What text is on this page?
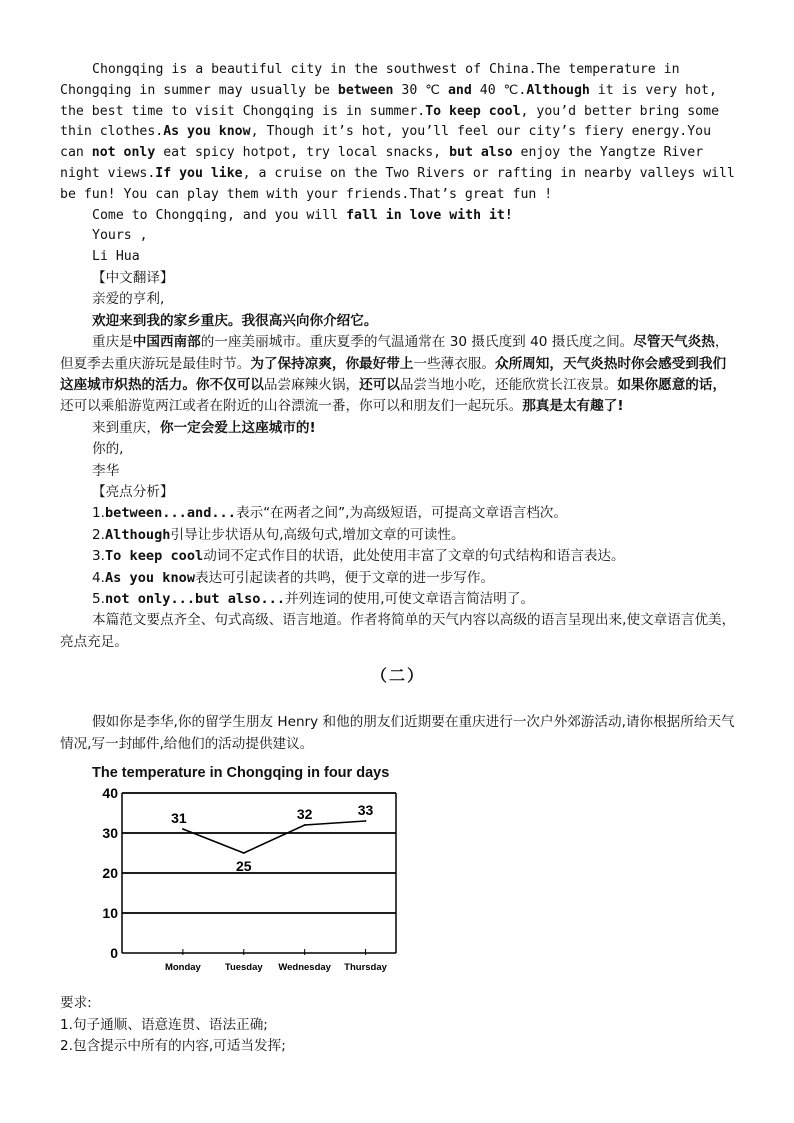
Chongqing is a beautiful city in the southwest of China.The temperature in Chongqing in summer may usually be between 30 ℃ and 40 ℃.Although it is very hot, the best time to visit Chongqing is in summer.To keep cool, you’d better bring some thin clothes.As you know, Though it’s hot, you’ll feel our city’s fiery energy.You can not only eat spicy hotpot, try local snacks, but also enjoy the Yangtze River night views.If you like, a cruise on the Two Rivers or rafting in nearby valleys will be fun! You can play them with your friends.That’s great fun !

Come to Chongqing, and you will fall in love with it!

Yours ,

Li Hua

【中文翻译】

亲爱的亨利,

欢迎来到我的家乡重庆。我很高兴向你介绍它。

重庆是中国西南部的一座美丽城市。重庆夏季的气温通常在 30 摄氏度到 40 摄氏度之间。尽管天气炎热，但夏季去重庆游玩是最佳时节。为了保持凉爽，你最好带上一些薄衣服。众所周知，天气炎热时你会感受到我们这座城市炽热的活力。你不仅可以品尝麻辣火锅，还可以品尝当地小吃，还能欣赏长江夜景。如果你愿意的话，还可以乘船游览两江或者在附近的山谷漂流一番，你可以和朋友们一起玩乐。那真是太有趣了!

来到重庆，你一定会爱上这座城市的!

你的,

李华

【亮点分析】

1.between...and...表示“在两者之间”,为高级短语，可提高文章语言档次。

2.Although引导让步状语从句,高级句式,增加文章的可读性。

3.To keep cool动词不定式作目的状语，此处使用丰富了文章的句式结构和语言表达。

4.As you know表达可引起读者的共鸣，便于文章的进一步写作。

5.not only...but also...并列连词的使用,可使文章语言简洁明了。

本篇范文要点齐全、句式高级、语言地道。作者将简单的天气内容以高级的语言呈现出来,使文章语言优美，亮点充足。

（二）

假如你是李华,你的留学生朋友 Henry 和他的朋友们近期要在重庆进行一次户外郊游活动,请你根据所给天气情况,写一封邮件,给他们的活动提供建议。

The temperature in Chongqing in four days
0
10
20
30
40
Monday	Tuesday Wednesday Thursday
31
25
32	33

要求:

1.句子通顺、语意连贯、语法正确;

2.包含提示中所有的内容,可适当发挥;
